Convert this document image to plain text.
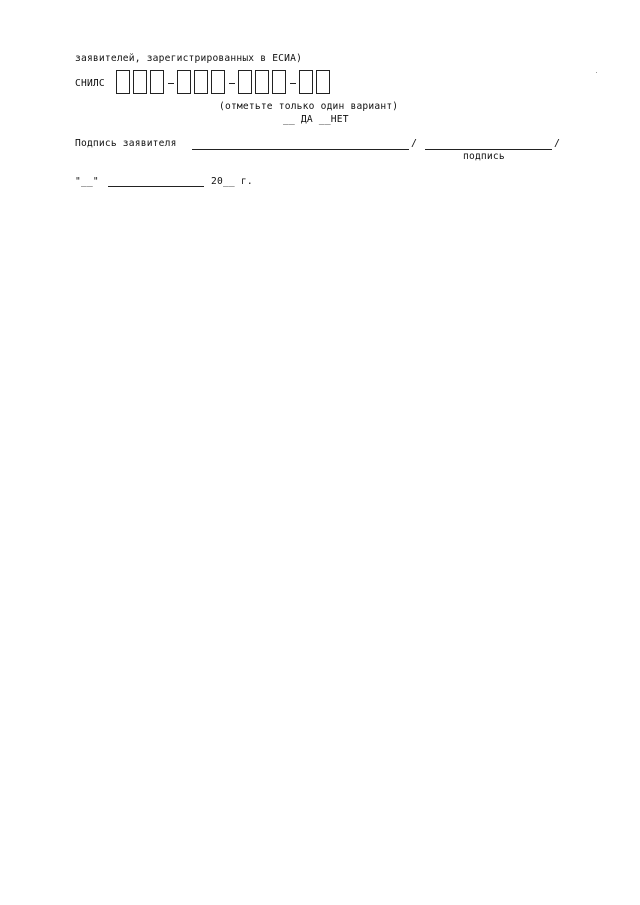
заявителей, зарегистрированных в ЕСИА)
СНИЛС
(отметьте только один вариант)
__ ДА __НЕТ
Подпись заявителя	/	/
подпись
"__"	20__ г.
